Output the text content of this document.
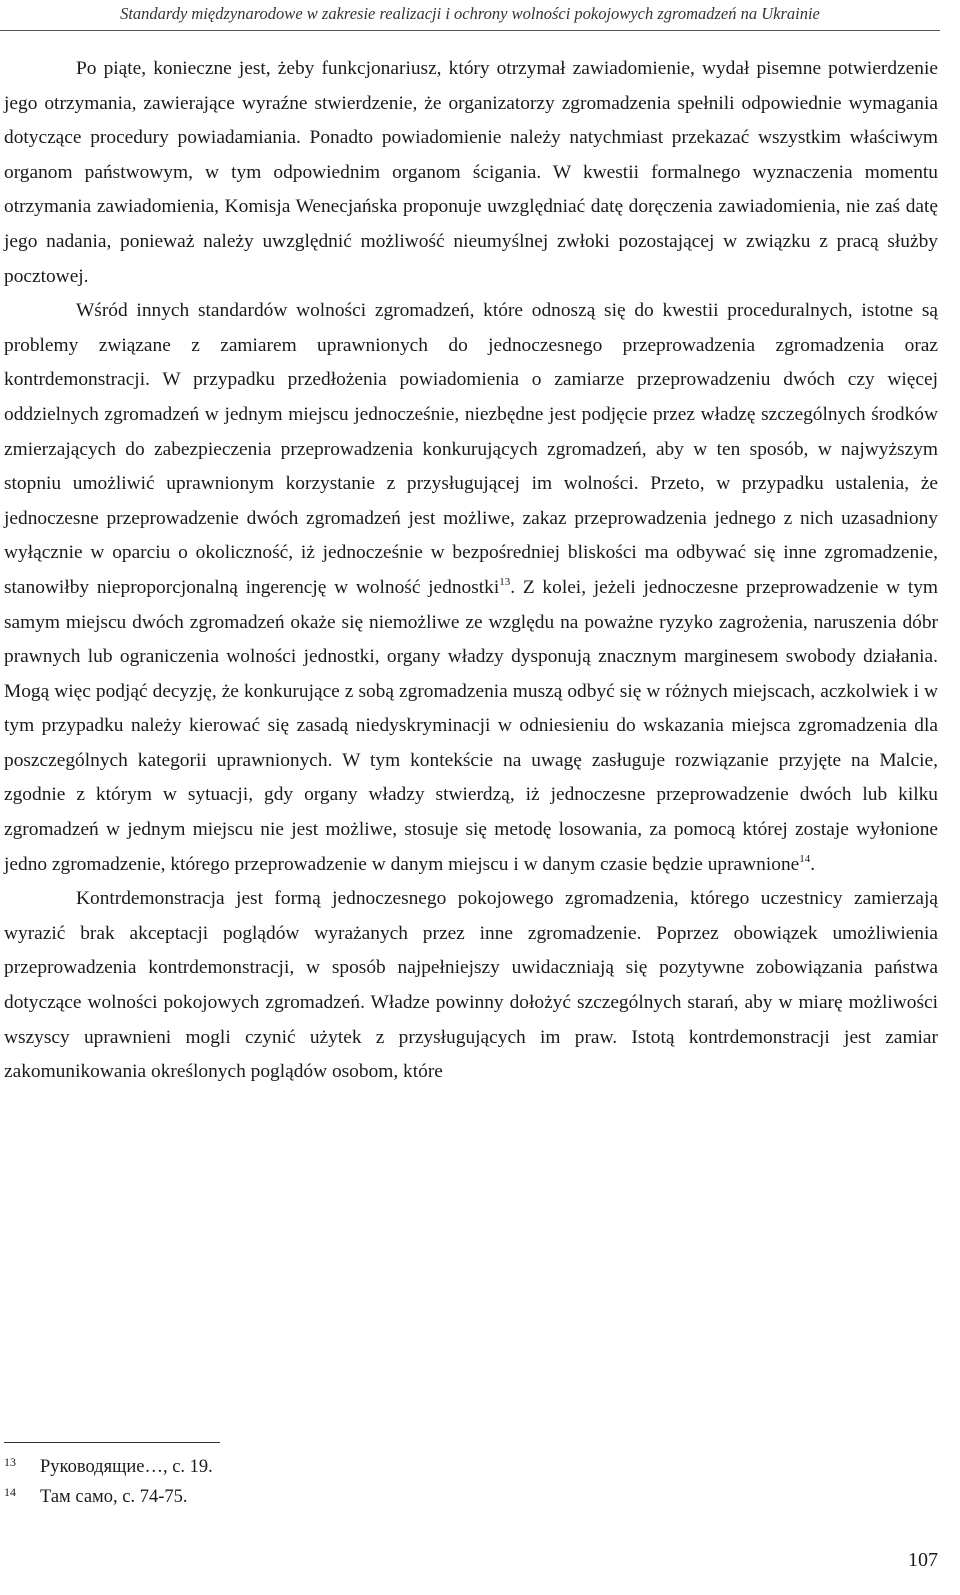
Standardy międzynarodowe w zakresie realizacji i ochrony wolności pokojowych zgromadzeń na Ukrainie

Po piąte, konieczne jest, żeby funkcjonariusz, który otrzymał zawiadomienie, wydał pisemne potwierdzenie jego otrzymania, zawierające wyraźne stwierdzenie, że organizatorzy zgromadzenia spełnili odpowiednie wymagania dotyczące procedury powiadamiania. Ponadto powiadomienie należy natychmiast przekazać wszystkim właściwym organom państwowym, w tym odpowiednim organom ścigania. W kwestii formalnego wyznaczenia momentu otrzymania zawiadomienia, Komisja Wenecjańska proponuje uwzględniać datę doręczenia zawiadomienia, nie zaś datę jego nadania, ponieważ należy uwzględnić możliwość nieumyślnej zwłoki pozostającej w związku z pracą służby pocztowej.

Wśród innych standardów wolności zgromadzeń, które odnoszą się do kwestii proceduralnych, istotne są problemy związane z zamiarem uprawnionych do jednoczesnego przeprowadzenia zgromadzenia oraz kontrdemonstracji. W przypadku przedłożenia powiadomienia o zamiarze przeprowadzeniu dwóch czy więcej oddzielnych zgromadzeń w jednym miejscu jednocześnie, niezbędne jest podjęcie przez władzę szczególnych środków zmierzających do zabezpieczenia przeprowadzenia konkurujących zgromadzeń, aby w ten sposób, w najwyższym stopniu umożliwić uprawnionym korzystanie z przysługującej im wolności. Przeto, w przypadku ustalenia, że jednoczesne przeprowadzenie dwóch zgromadzeń jest możliwe, zakaz przeprowadzenia jednego z nich uzasadniony wyłącznie w oparciu o okoliczność, iż jednocześnie w bezpośredniej bliskości ma odbywać się inne zgromadzenie, stanowiłby nieproporcjonalną ingerencję w wolność jednostki$^{13}$. Z kolei, jeżeli jednoczesne przeprowadzenie w tym samym miejscu dwóch zgromadzeń okaże się niemożliwe ze względu na poważne ryzyko zagrożenia, naruszenia dóbr prawnych lub ograniczenia wolności jednostki, organy władzy dysponują znacznym marginesem swobody działania. Mogą więc podjąć decyzję, że konkurujące z sobą zgromadzenia muszą odbyć się w różnych miejscach, aczkolwiek i w tym przypadku należy kierować się zasadą niedyskryminacji w odniesieniu do wskazania miejsca zgromadzenia dla poszczególnych kategorii uprawnionych. W tym kontekście na uwagę zasługuje rozwiązanie przyjęte na Malcie, zgodnie z którym w sytuacji, gdy organy władzy stwierdzą, iż jednoczesne przeprowadzenie dwóch lub kilku zgromadzeń w jednym miejscu nie jest możliwe, stosuje się metodę losowania, za pomocą której zostaje wyłonione jedno zgromadzenie, którego przeprowadzenie w danym miejscu i w danym czasie będzie uprawnione$^{14}$.

Kontrdemonstracja jest formą jednoczesnego pokojowego zgromadzenia, którego uczestnicy zamierzają wyrazić brak akceptacji poglądów wyrażanych przez inne zgromadzenie. Poprzez obowiązek umożliwienia przeprowadzenia kontrdemonstracji, w sposób najpełniejszy uwidaczniają się pozytywne zobowiązania państwa dotyczące wolności pokojowych zgromadzeń. Władze powinny dołożyć szczególnych starań, aby w miarę możliwości wszyscy uprawnieni mogli czynić użytek z przysługujących im praw. Istotą kontrdemonstracji jest zamiar zakomunikowania określonych poglądów osobom, które

13 Руководящие…, с. 19.
14 Там само, с. 74-75.
107
